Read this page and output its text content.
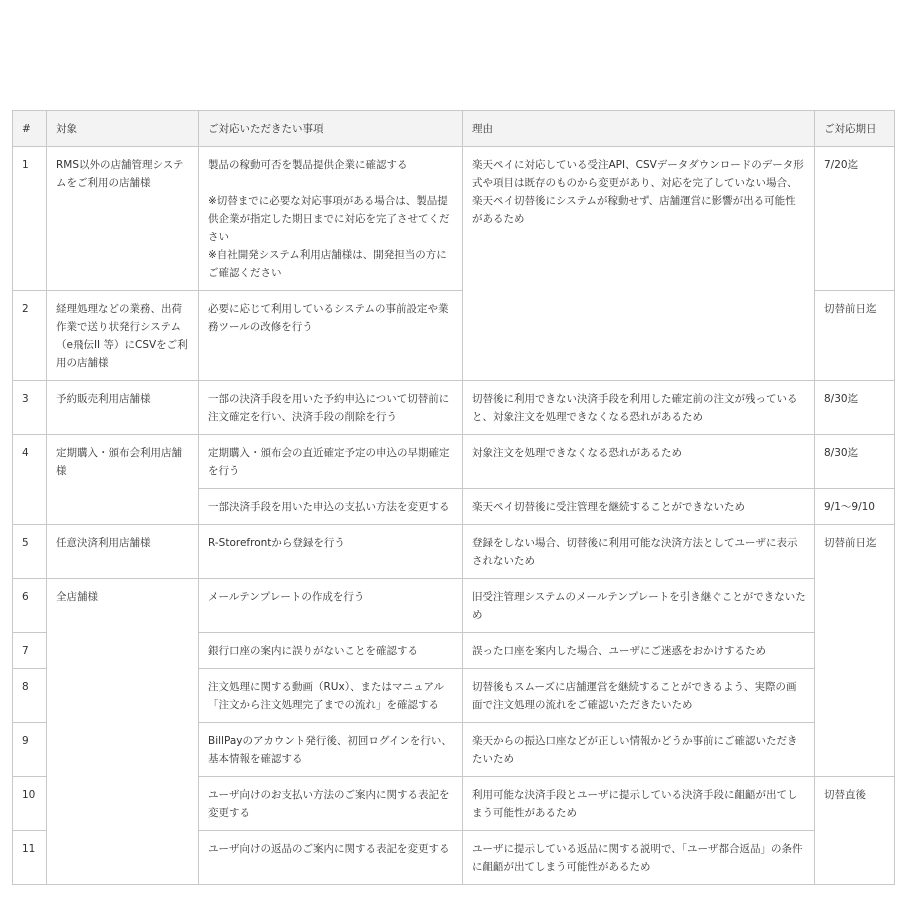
#	対象	ご対応いただきたい事項	理由	ご対応期日
1	RMS以外の店舗管理システムをご利用の店舗様	製品の稼動可否を製品提供企業に確認する

※切替までに必要な対応事項がある場合は、製品提供企業が指定した期日までに対応を完了させてください

※自社開発システム利用店舗様は、開発担当の方にご確認ください	楽天ペイに対応している受注API、CSVデータダウンロードのデータ形式や項目は既存のものから変更があり、対応を完了していない場合、楽天ペイ切替後にシステムが稼動せず、店舗運営に影響が出る可能性があるため	7/20迄
2	経理処理などの業務、出荷作業で送り状発行システム（e飛伝II 等）にCSVをご利用の店舗様	必要に応じて利用しているシステムの事前設定や業務ツールの改修を行う		切替前日迄
3	予約販売利用店舗様	一部の決済手段を用いた予約申込について切替前に注文確定を行い、決済手段の削除を行う	切替後に利用できない決済手段を利用した確定前の注文が残っていると、対象注文を処理できなくなる恐れがあるため	8/30迄
4	定期購入・頒布会利用店舗様	定期購入・頒布会の直近確定予定の申込の早期確定を行う	対象注文を処理できなくなる恐れがあるため	8/30迄
		一部決済手段を用いた申込の支払い方法を変更する	楽天ペイ切替後に受注管理を継続することができないため	9/1〜9/10
5	任意決済利用店舗様	R-Storefrontから登録を行う	登録をしない場合、切替後に利用可能な決済方法としてユーザに表示されないため	切替前日迄
6	全店舗様	メールテンプレートの作成を行う	旧受注管理システムのメールテンプレートを引き継ぐことができないため	
7		銀行口座の案内に誤りがないことを確認する	誤った口座を案内した場合、ユーザにご迷惑をおかけするため	
8		注文処理に関する動画（RUx）、またはマニュアル「注文から注文処理完了までの流れ」を確認する	切替後もスムーズに店舗運営を継続することができるよう、実際の画面で注文処理の流れをご確認いただきたいため	
9		BillPayのアカウント発行後、初回ログインを行い、基本情報を確認する	楽天からの振込口座などが正しい情報かどうか事前にご確認いただきたいため	
10		ユーザ向けのお支払い方法のご案内に関する表記を変更する	利用可能な決済手段とユーザに提示している決済手段に齟齬が出てしまう可能性があるため	切替直後
11		ユーザ向けの返品のご案内に関する表記を変更する	ユーザに提示している返品に関する説明で、「ユーザ都合返品」の条件に齟齬が出てしまう可能性があるため	
